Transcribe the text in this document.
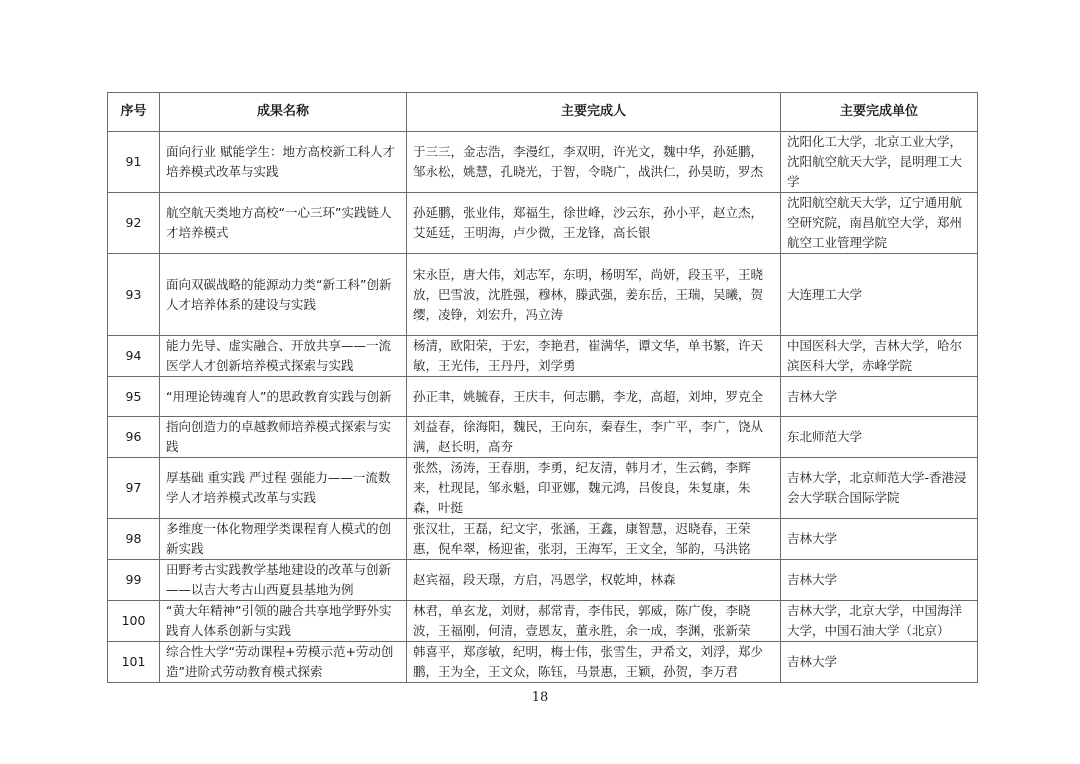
序号	成果名称	主要完成人	主要完成单位
91	面向行业 赋能学生：地方高校新工科人才培养模式改革与实践	于三三，金志浩，李漫红，李双明，许光文，魏中华，孙延鹏，邹永松，姚慧，孔晓光，于智，令晓广，战洪仁，孙昊昉，罗杰	沈阳化工大学，北京工业大学，沈阳航空航天大学，昆明理工大学
92	航空航天类地方高校“一心三环”实践链人才培养模式	孙延鹏，张业伟，郑福生，徐世峰，沙云东，孙小平，赵立杰，艾延廷，王明海，卢少微，王龙锋，高长银	沈阳航空航天大学，辽宁通用航空研究院，南昌航空大学，郑州航空工业管理学院
93	面向双碳战略的能源动力类“新工科”创新人才培养体系的建设与实践	宋永臣，唐大伟，刘志军，东明，杨明军，尚妍，段玉平，王晓放，巴雪波，沈胜强，穆林，滕武强，姜东岳，王瑞，吴曦，贺缨，凌铮，刘宏升，冯立涛	大连理工大学
94	能力先导、虚实融合、开放共享——一流医学人才创新培养模式探索与实践	杨清，欧阳荣，于宏，李艳君，崔满华，谭文华，单书繁，许天敏，王光伟，王丹丹，刘学勇	中国医科大学，吉林大学，哈尔滨医科大学，赤峰学院
95	“用理论铸魂育人”的思政教育实践与创新	孙正聿，姚毓春，王庆丰，何志鹏，李龙，高超，刘坤，罗克全	吉林大学
96	指向创造力的卓越教师培养模式探索与实践	刘益春，徐海阳，魏民，王向东，秦春生，李广平，李广，饶从满，赵长明，高夯	东北师范大学
97	厚基础 重实践 严过程 强能力——一流数学人才培养模式改革与实践	张然，汤涛，王春朋，李勇，纪友清，韩月才，生云鹤，李辉来，杜现昆，邹永魁，印亚娜，魏元鸿，吕俊良，朱复康，朱森，叶挺	吉林大学，北京师范大学-香港浸会大学联合国际学院
98	多维度一体化物理学类课程育人模式的创新实践	张汉壮，王磊，纪文宇，张涵，王鑫，康智慧，迟晓春，王荣惠，倪牟翠，杨迎雀，张羽，王海军，王文全，邹韵，马洪铭	吉林大学
99	田野考古实践教学基地建设的改革与创新——以吉大考古山西夏县基地为例	赵宾福，段天璟，方启，冯恩学，权乾坤，林森	吉林大学
100	“黄大年精神”引领的融合共享地学野外实践育人体系创新与实践	林君，单玄龙，刘财，郝常青，李伟民，郭威，陈广俊，李晓波，王福刚，何清，壹恩友，董永胜，余一成，李渊，张新荣	吉林大学，北京大学，中国海洋大学，中国石油大学（北京）
101	综合性大学“劳动课程+劳模示范+劳动创造”进阶式劳动教育模式探索	韩喜平，郑彦敏，纪明，梅士伟，张雪生，尹希文，刘浮，郑少鹏，王为全，王文众，陈钰，马景惠，王颖，孙贺，李万君	吉林大学
18
